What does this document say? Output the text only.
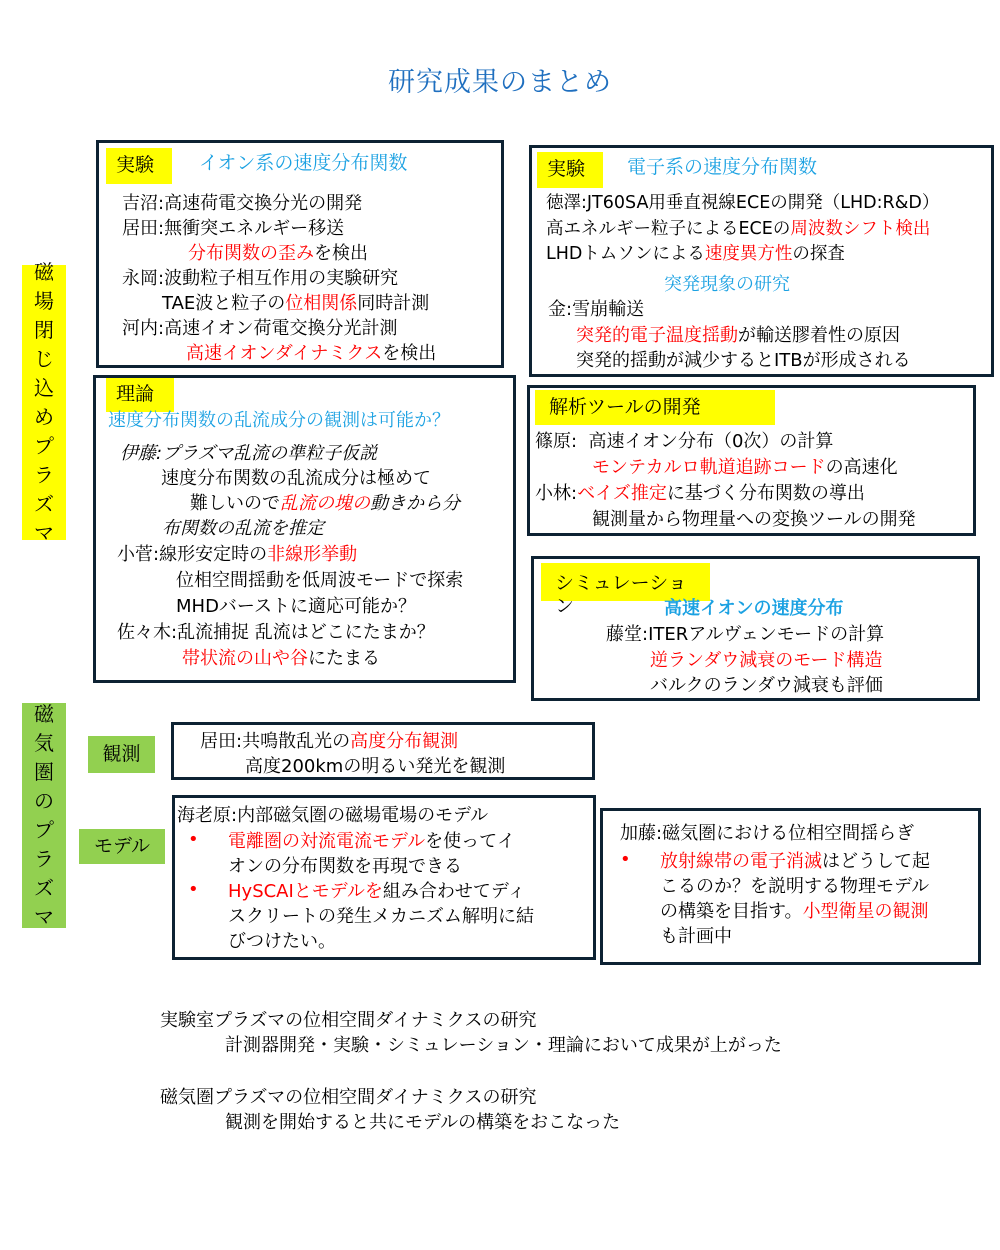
研究成果のまとめ
磁
場
閉
じ
込
め
プ
ラ
ズ
マ
磁
気
圏
の
プ
ラ
ズ
マ
実験	イオン系の速度分布関数
吉沼:高速荷電交換分光の開発
居田:無衝突エネルギー移送
分布関数の歪みを検出
永岡:波動粒子相互作用の実験研究
TAE波と粒子の位相関係同時計測
河内:高速イオン荷電交換分光計測
高速イオンダイナミクスを検出
実験	電子系の速度分布関数
徳澤:JT60SA用垂直視線ECEの開発（LHD:R&D）
高エネルギー粒子によるECEの周波数シフト検出
LHDトムソンによる速度異方性の探査
突発現象の研究
金:雪崩輸送
突発的電子温度揺動が輸送膠着性の原因
突発的揺動が減少するとITBが形成される
理論
速度分布関数の乱流成分の観測は可能か？
伊藤:プラズマ乱流の準粒子仮説
速度分布関数の乱流成分は極めて
難しいので乱流の塊の動きから分
布関数の乱流を推定
小菅:線形安定時の非線形挙動
位相空間揺動を低周波モードで探索
MHDバーストに適応可能か？
佐々木:乱流捕捉 乱流はどこにたまか？
帯状流の山や谷にたまる
解析ツールの開発
篠原:  高速イオン分布（0次）の計算
モンテカルロ軌道追跡コードの高速化
小林:ベイズ推定に基づく分布関数の導出
観測量から物理量への変換ツールの開発
シミュレーション	高速イオンの速度分布
藤堂:ITERアルヴェンモードの計算
逆ランダウ減衰のモード構造
バルクのランダウ減衰も評価
観測
居田:共鳴散乱光の高度分布観測
高度200kmの明るい発光を観測
モデル
海老原:内部磁気圏の磁場電場のモデル
• 電離圏の対流電流モデルを使ってイ
オンの分布関数を再現できる
• HySCAIとモデルを組み合わせてディ
スクリートの発生メカニズム解明に結
びつけたい。
加藤:磁気圏における位相空間揺らぎ
• 放射線帯の電子消滅はどうして起
こるのか？を説明する物理モデル
の構築を目指す。小型衛星の観測
も計画中
実験室プラズマの位相空間ダイナミクスの研究
計測器開発・実験・シミュレーション・理論において成果が上がった
磁気圏プラズマの位相空間ダイナミクスの研究
観測を開始すると共にモデルの構築をおこなった
